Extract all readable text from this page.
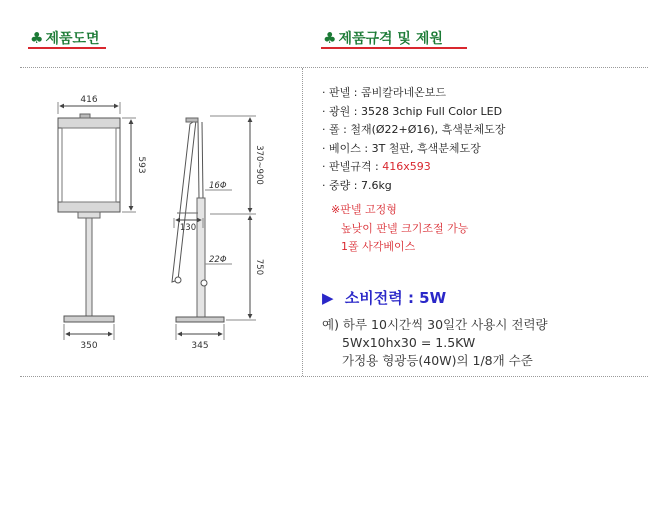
♣ 제품도면	♣ 제품규격 및 제원
416
593
350
130
345
16Φ
22Φ
370~900
750
· 판넬 : 콤비칼라네온보드
· 광원 : 3528 3chip Full Color LED
· 폴 : 철재(Ø22+Ø16), 흑색분체도장
· 베이스 : 3T 철판, 흑색분체도장
· 판넬규격 : 416x593
· 중량 : 7.6kg
※판넬 고정형
높낮이 판넬 크기조절 가능
1폴 사각베이스
▶ 소비전력 : 5W
예) 하루 10시간씩 30일간 사용시 전력량
5Wx10hx30 = 1.5KW
가정용 형광등(40W)의 1/8개 수준
